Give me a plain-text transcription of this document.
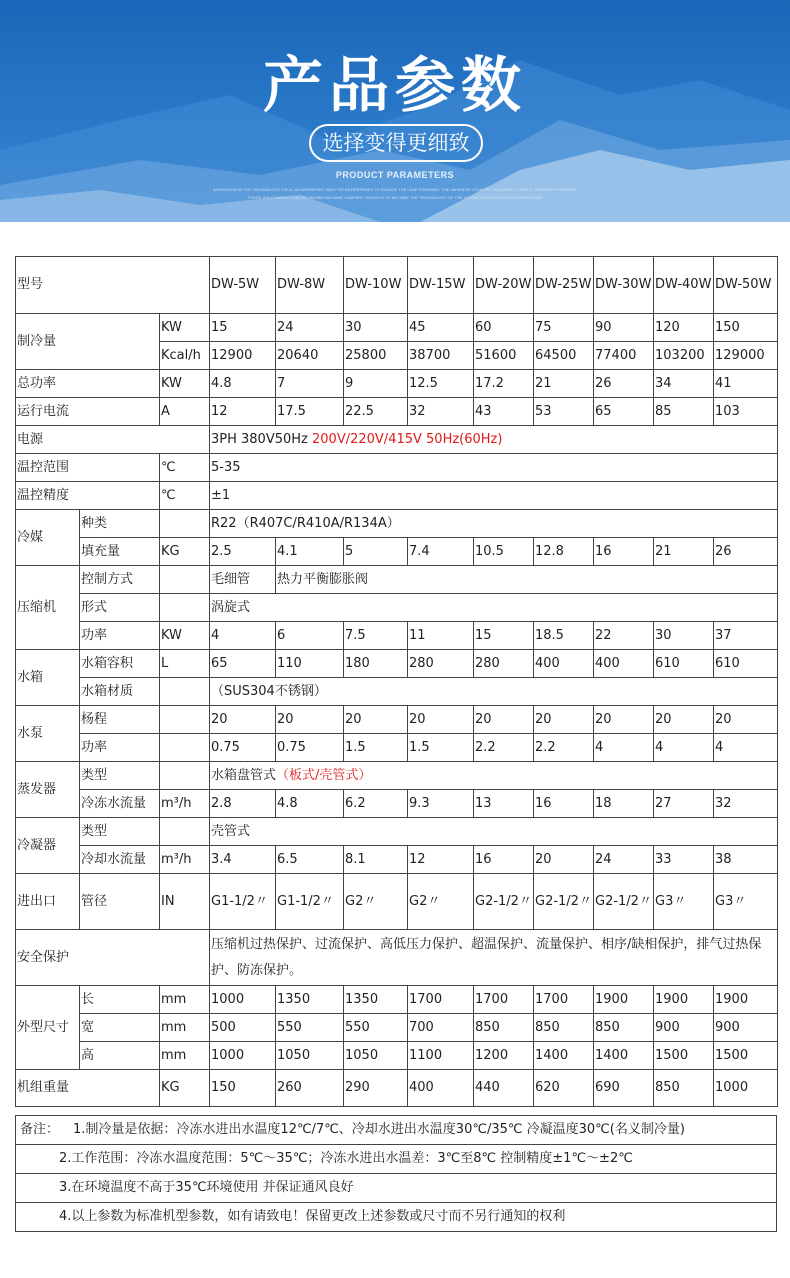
产品参数
选择变得更细致
PRODUCT PARAMETERS
INNOVATION IN THE TECHNOLOGY FIELD, AN IMPORTANT WAY FOR ENTERPRISES TO REALIZE THE LEAP FORWARD. THE JAPANESE COUNTRY, INCLUDES COUNTS, SUMMARY PROVIDES,
THERE IS A COMPANY CALLED JINGBO MACHINE COMPANY, WHICH IS TO BECOME THE TECHNOLOGY OF THE LEADING MANUFACTURER WORLDWIDE
型号			DW-5W	DW-8W	DW-10W	DW-15W	DW-20W	DW-25W	DW-30W	DW-40W	DW-50W
制冷量		KW	15	24	30	45	60	75	90	120	150
		Kcal/h	12900	20640	25800	38700	51600	64500	77400	103200	129000
总功率		KW	4.8	7	9	12.5	17.2	21	26	34	41
运行电流		A	12	17.5	22.5	32	43	53	65	85	103
电源			3PH 380V50Hz 200V/220V/415V 50Hz(60Hz)								
温控范围		℃	5-35								
温控精度		℃	±1								
冷媒	种类		R22（R407C/R410A/R134A）								
	填充量	KG	2.5	4.1	5	7.4	10.5	12.8	16	21	26
压缩机	控制方式		毛细管	热力平衡膨胀阀							
	形式		涡旋式								
	功率	KW	4	6	7.5	11	15	18.5	22	30	37
水箱	水箱容积	L	65	110	180	280	280	400	400	610	610
	水箱材质		（SUS304不锈钢）								
水泵	杨程		20	20	20	20	20	20	20	20	20
	功率		0.75	0.75	1.5	1.5	2.2	2.2	4	4	4
蒸发器	类型		水箱盘管式（板式/壳管式）								
	冷冻水流量	m³/h	2.8	4.8	6.2	9.3	13	16	18	27	32
冷凝器	类型		壳管式								
	冷却水流量	m³/h	3.4	6.5	8.1	12	16	20	24	33	38
进出口	管径	IN	G1-1/2〃	G1-1/2〃	G2〃	G2〃	G2-1/2〃	G2-1/2〃	G2-1/2〃	G3〃	G3〃
安全保护			压缩机过热保护、过流保护、高低压力保护、超温保护、流量保护、相序/缺相保护，排气过热保护、防冻保护。								
外型尺寸	长	mm	1000	1350	1350	1700	1700	1700	1900	1900	1900
	宽	mm	500	550	550	700	850	850	850	900	900
	高	mm	1000	1050	1050	1100	1200	1400	1400	1500	1500
机组重量		KG	150	260	290	400	440	620	690	850	1000
备注： 1.制冷量是依据：冷冻水进出水温度12℃/7℃、冷却水进出水温度30℃/35℃ 冷凝温度30℃(名义制冷量)
2.工作范围：冷冻水温度范围：5℃～35℃；冷冻水进出水温差：3℃至8℃ 控制精度±1℃～±2℃
3.在环境温度不高于35℃环境使用 并保证通风良好
4.以上参数为标准机型参数，如有请致电！保留更改上述参数或尺寸而不另行通知的权利
